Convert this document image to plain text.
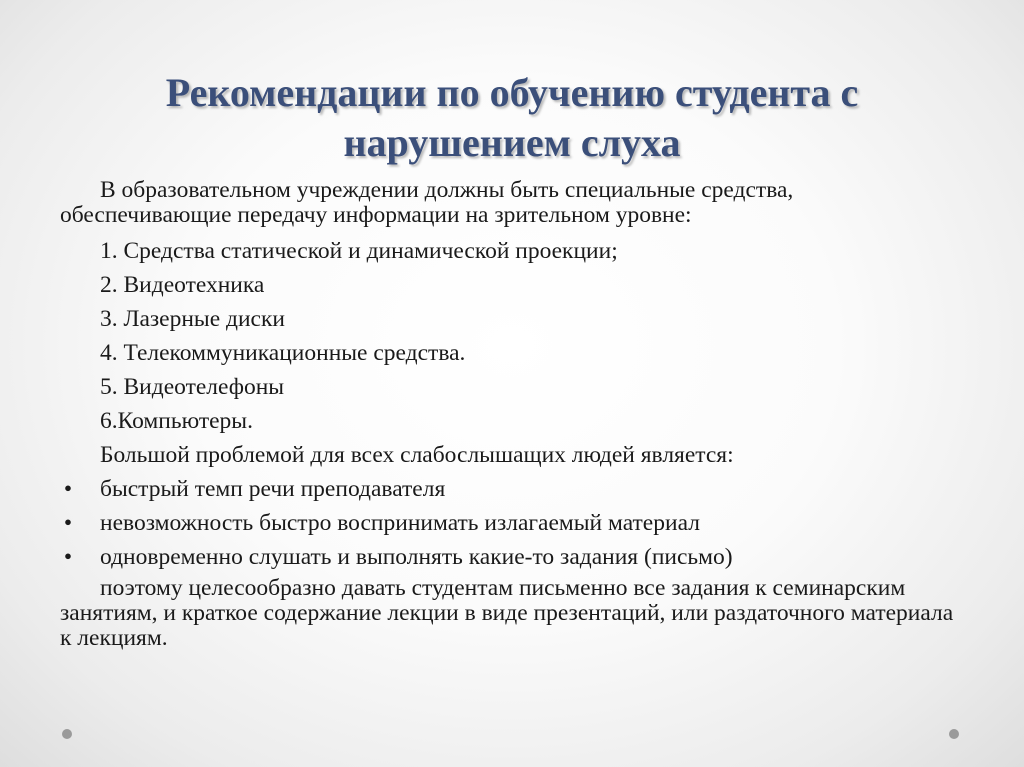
Рекомендации по обучению студента с нарушением слуха

В образовательном учреждении должны быть специальные средства, обеспечивающие передачу информации на зрительном уровне:

1. Средства статической и динамической проекции;
2. Видеотехника
3. Лазерные диски
4. Телекоммуникационные средства.
5. Видеотелефоны
6.Компьютеры.
Большой проблемой для всех слабослышащих людей является:
• быстрый темп речи преподавателя
• невозможность быстро воспринимать излагаемый материал
• одновременно слушать и выполнять какие-то задания (письмо)

поэтому целесообразно давать студентам письменно все задания к семинарским занятиям, и краткое содержание лекции в виде презентаций, или раздаточного материала к лекциям.
